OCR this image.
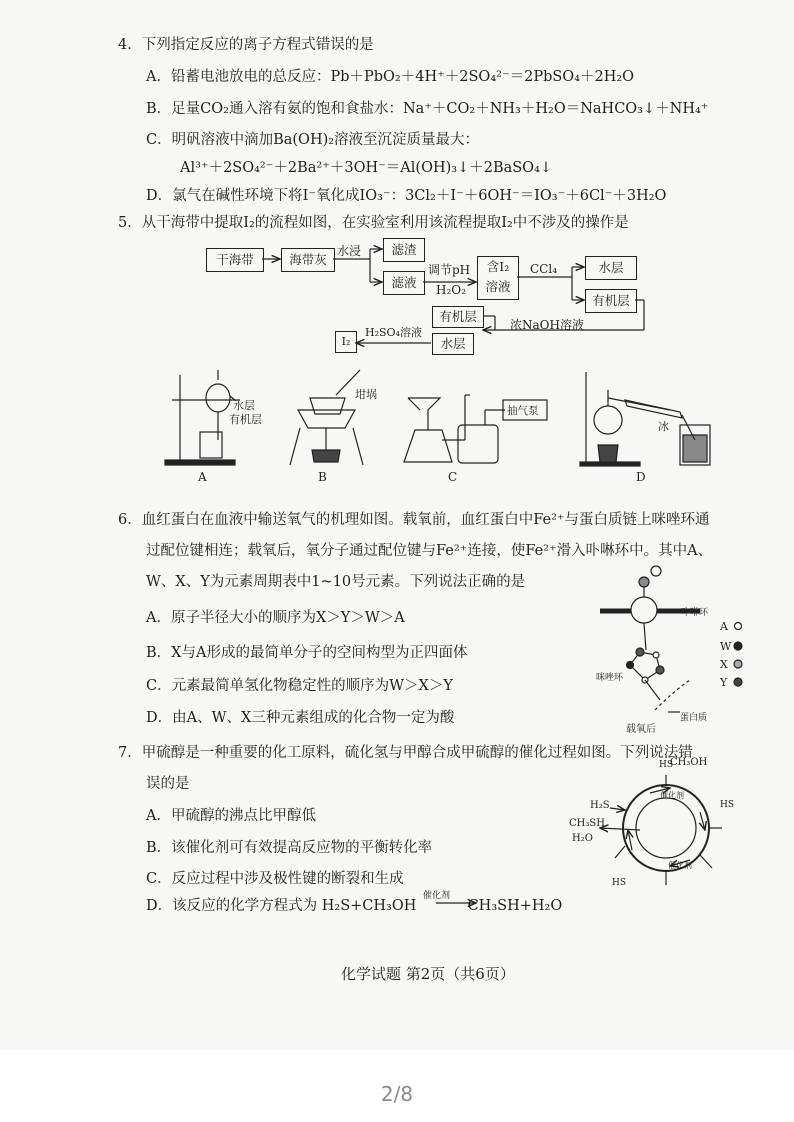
4．下列指定反应的离子方程式错误的是
A．铅蓄电池放电的总反应：Pb＋PbO₂＋4H⁺＋2SO₄²⁻＝2PbSO₄＋2H₂O
B．足量CO₂通入溶有氨的饱和食盐水：Na⁺＋CO₂＋NH₃＋H₂O＝NaHCO₃↓＋NH₄⁺
C．明矾溶液中滴加Ba(OH)₂溶液至沉淀质量最大：
Al³⁺＋2SO₄²⁻＋2Ba²⁺＋3OH⁻＝Al(OH)₃↓＋2BaSO₄↓
D．氯气在碱性环境下将I⁻氧化成IO₃⁻：3Cl₂＋I⁻＋6OH⁻＝IO₃⁻＋6Cl⁻＋3H₂O
5．从干海带中提取I₂的流程如图，在实验室利用该流程提取I₂中不涉及的操作是
干海带	海带灰
水浸	滤渣
滤液
调节pH
H₂O₂
含I₂
溶液
CCl₄	水层
有机层
浓NaOH溶液
有机层
水层
H₂SO₄溶液
I₂
水层
有机层
坩埚
抽气泵
冰
A	B	C	D
6．血红蛋白在血液中输送氧气的机理如图。载氧前，血红蛋白中Fe²⁺与蛋白质链上咪唑环通
过配位键相连；载氧后，氧分子通过配位键与Fe²⁺连接，使Fe²⁺滑入卟啉环中。其中A、
W、X、Y为元素周期表中1~10号元素。下列说法正确的是
A．原子半径大小的顺序为X＞Y＞W＞A
B．X与A形成的最简单分子的空间构型为正四面体
C．元素最简单氢化物稳定性的顺序为W＞X＞Y
D．由A、W、X三种元素组成的化合物一定为酸
卟啉环
咪唑环
蛋白质
载氧后
A
W
X
Y
7．甲硫醇是一种重要的化工原料，硫化氢与甲醇合成甲硫醇的催化过程如图。下列说法错
误的是
A．甲硫醇的沸点比甲醇低
B．该催化剂可有效提高反应物的平衡转化率
C．反应过程中涉及极性键的断裂和生成
D．该反应的化学方程式为 H₂S+CH₃OH
催化剂
CH₃SH+H₂O
CH₃OH
H₂S
CH₃SH
H₂O
催化剂
催化剂
HS
HS
HS
化学试题 第2页（共6页）
2/8
